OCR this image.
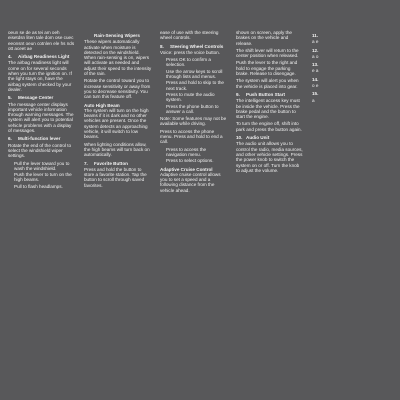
oeun se de as tei am oeh eisetdsn liten tale dom ose cuec eeonsnt oeun cotnlen ele hs nds ott aceet ae

4.	Airbag Readiness Light

The airbag readiness light will come on for several seconds when you turn the ignition on. If the light stays on, have the airbag system checked by your dealer.

5.	Message Center

The message center displays important vehicle information through warning messages. The system will alert you to potential vehicle problems with a display of messages.

6.	Multi-function lever

Rotate the end of the control to select the windshield wiper settings.

• Pull the lever toward you to wash the windshield.
• Push the lever to turn on the high beams.
• Pull to flash headlamps.
Rain-Sensing Wipers

These wipers automatically activate when moisture is detected on the windshield. When rain-sensing is on, wipers will activate as needed and adjust their speed to the intensity of the rain.

Rotate the control toward you to increase sensitivity or away from you to decrease sensitivity. You can turn this feature off.

Auto High Beam

The system will turn on the high beams if it is dark and no other vehicles are present. Once the system detects an approaching vehicle, it will switch to low beams.

When lighting conditions allow, the high beams will turn back on automatically.

7.	Favorite Button

Press and hold the button to store a favorite station. Tap the button to scroll through saved favorites.

ease of use with the steering wheel controls.

8.	Steering Wheel Controls

Voice: press the voice button.

• Press OK to confirm a selection.
• Use the arrow keys to scroll through lists and menus.
• Press and hold to skip to the next track.
• Press to mute the audio system.
• Press the phone button to answer a call.

Note: Some features may not be available while driving.

Press to access the phone menu. Press and hold to end a call.

• Press to access the navigation menu.
• Press to select options.
Adaptive Cruise Control

Adaptive cruise control allows you to set a speed and a following distance from the vehicle ahead.

shown on screen, apply the brakes on the vehicle and release.

The shift lever will return to the center position when released.

Push the lever to the right and hold to engage the parking brake. Release to disengage.

The system will alert you when the vehicle is placed into gear.

9.	Push Button Start

The intelligent access key must be inside the vehicle. Press the brake pedal and the button to start the engine.

To turn the engine off, shift into park and press the button again.

10. Audio Unit

The audio unit allows you to control the radio, media sources, and other vehicle settings. Press the power knob to switch the system on or off. Turn the knob to adjust the volume.

11.

a e

12.

a o

13.

e a

14.

o e

15.

a
